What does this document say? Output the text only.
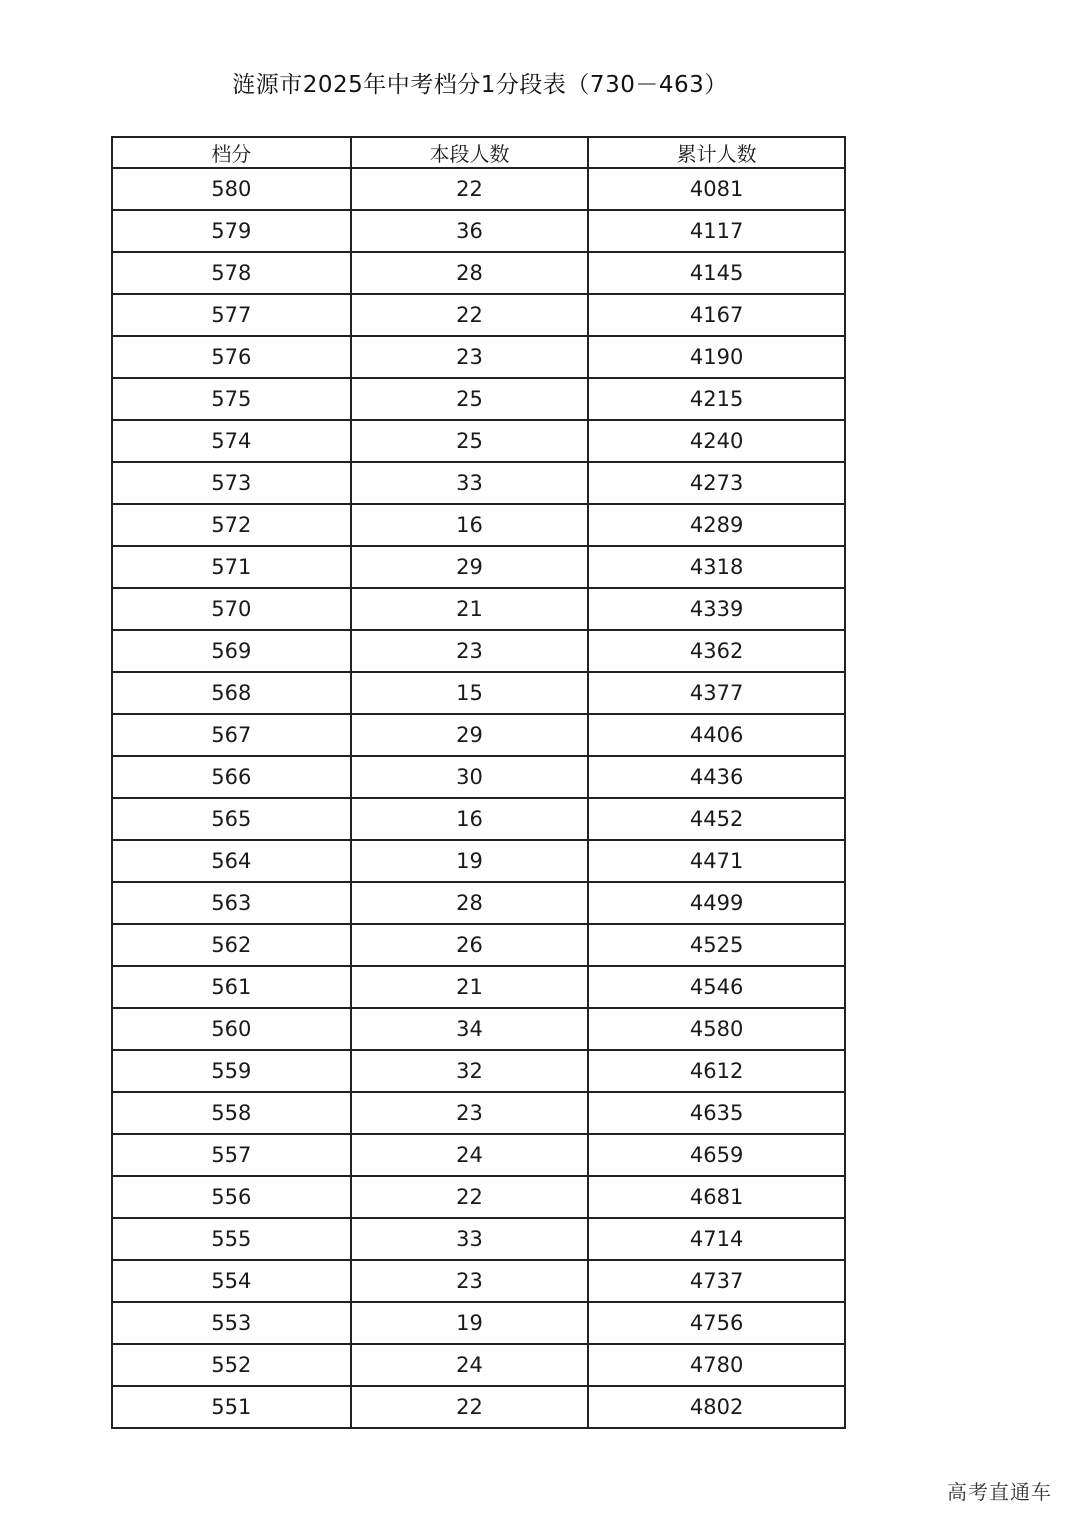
涟源市2025年中考档分1分段表（730－463）
档分	本段人数	累计人数
580	22	4081
579	36	4117
578	28	4145
577	22	4167
576	23	4190
575	25	4215
574	25	4240
573	33	4273
572	16	4289
571	29	4318
570	21	4339
569	23	4362
568	15	4377
567	29	4406
566	30	4436
565	16	4452
564	19	4471
563	28	4499
562	26	4525
561	21	4546
560	34	4580
559	32	4612
558	23	4635
557	24	4659
556	22	4681
555	33	4714
554	23	4737
553	19	4756
552	24	4780
551	22	4802
高考直通车
